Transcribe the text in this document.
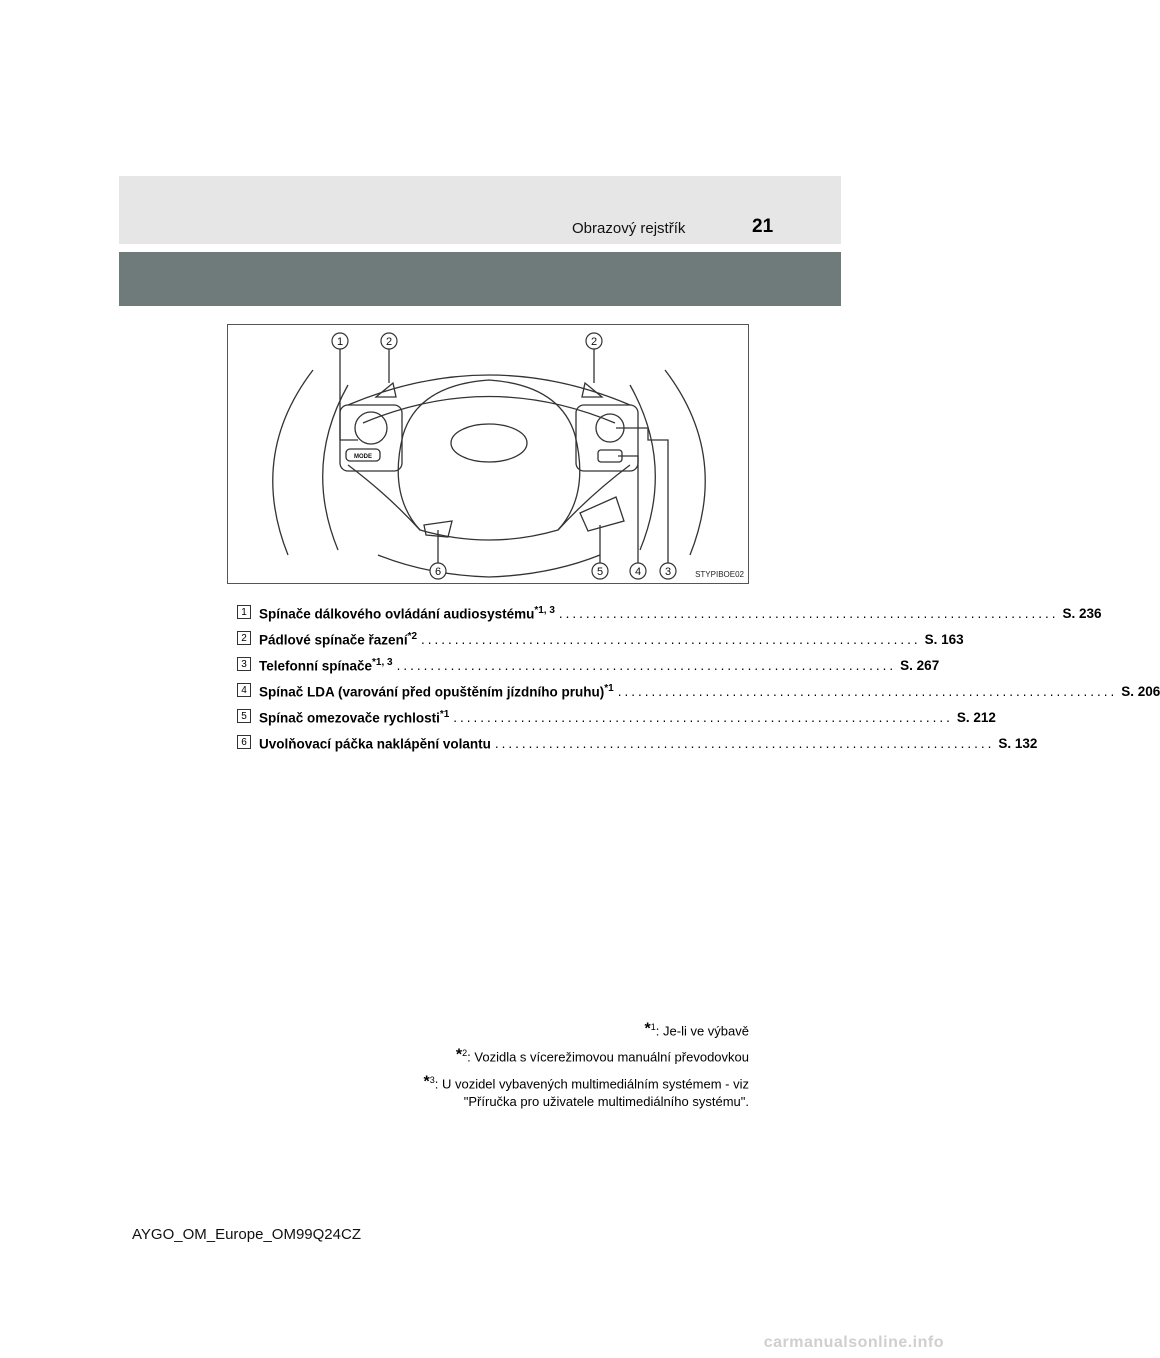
Obrazový rejstřík	21
1	2	2
6	5	4 3
MODE
STYPIBOE02
1 Spínače dálkového ovládání audiosystému$^{*1, 3}$ .......................................................................... S. 236
2 Pádlové spínače řazení$^{*2}$ .......................................................................... S. 163
3 Telefonní spínače$^{*1, 3}$ .......................................................................... S. 267
4 Spínač LDA (varování před opuštěním jízdního pruhu)$^{*1}$ .......................................................................... S. 206
5 Spínač omezovače rychlosti$^{*1}$ .......................................................................... S. 212
6 Uvolňovací páčka naklápění volantu .......................................................................... S. 132
*$^1$: Je-li ve výbavě
*$^2$: Vozidla s vícerežimovou manuální převodovkou
*$^3$: U vozidel vybavených multimediálním systémem - viz
"Příručka pro uživatele multimediálního systému".
AYGO_OM_Europe_OM99Q24CZ
carmanualsonline.info
